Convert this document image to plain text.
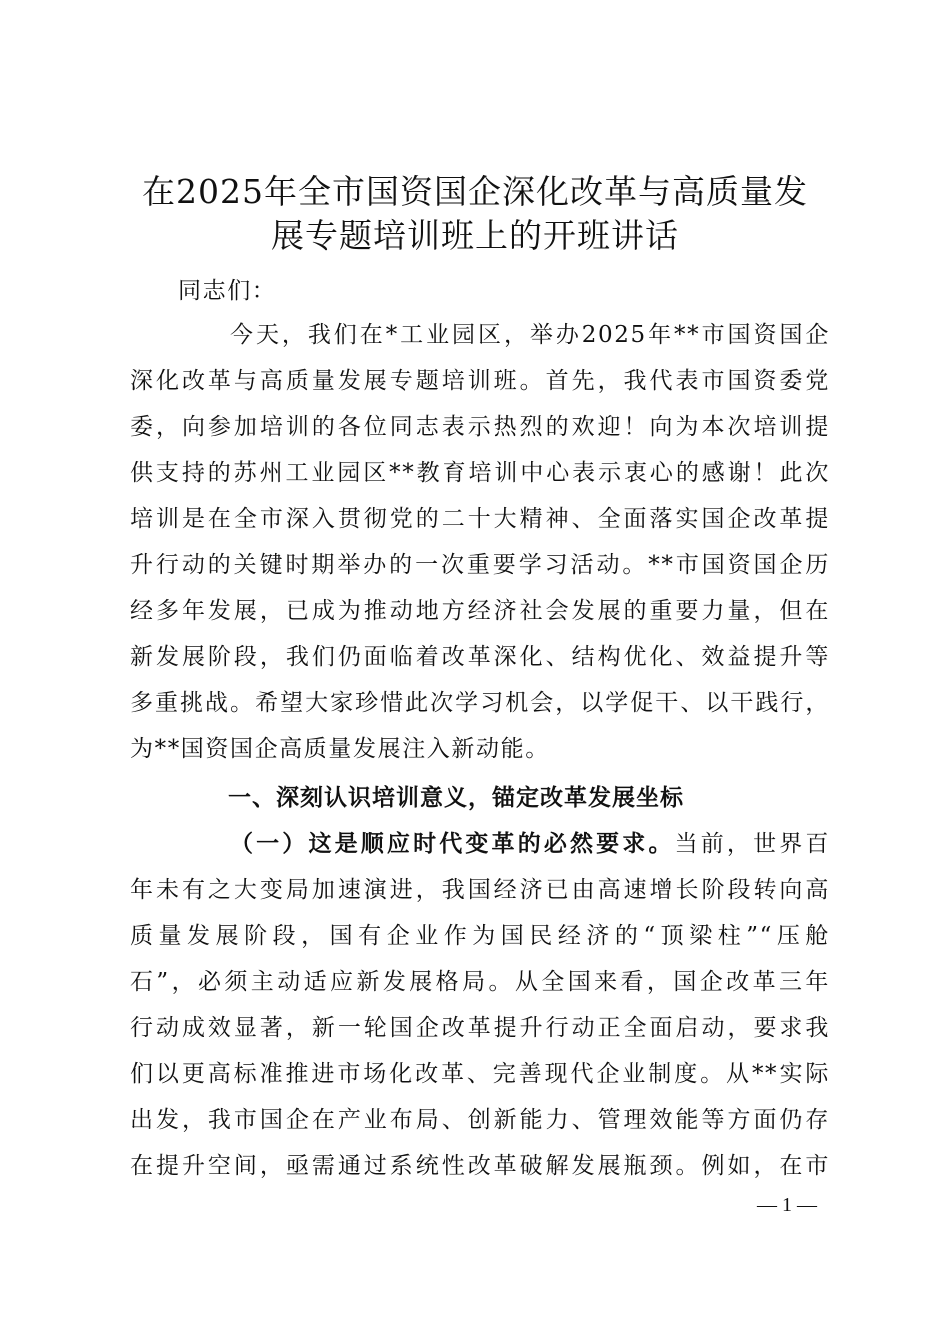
在2025年全市国资国企深化改革与高质量发
展专题培训班上的开班讲话
同志们：
今天，我们在*工业园区，举办2025年**市国资国企
深化改革与高质量发展专题培训班。首先，我代表市国资委党
委，向参加培训的各位同志表示热烈的欢迎！向为本次培训提
供支持的苏州工业园区**教育培训中心表示衷心的感谢！此次
培训是在全市深入贯彻党的二十大精神、全面落实国企改革提
升行动的关键时期举办的一次重要学习活动。**市国资国企历
经多年发展，已成为推动地方经济社会发展的重要力量，但在
新发展阶段，我们仍面临着改革深化、结构优化、效益提升等
多重挑战。希望大家珍惜此次学习机会，以学促干、以干践行，
为**国资国企高质量发展注入新动能。
一、深刻认识培训意义，锚定改革发展坐标
（一）这是顺应时代变革的必然要求。当前，世界百
年未有之大变局加速演进，我国经济已由高速增长阶段转向高
质量发展阶段，国有企业作为国民经济的“顶梁柱”“压舱
石”，必须主动适应新发展格局。从全国来看，国企改革三年
行动成效显著，新一轮国企改革提升行动正全面启动，要求我
们以更高标准推进市场化改革、完善现代企业制度。从**实际
出发，我市国企在产业布局、创新能力、管理效能等方面仍存
在提升空间，亟需通过系统性改革破解发展瓶颈。例如，在市
— 1 —
